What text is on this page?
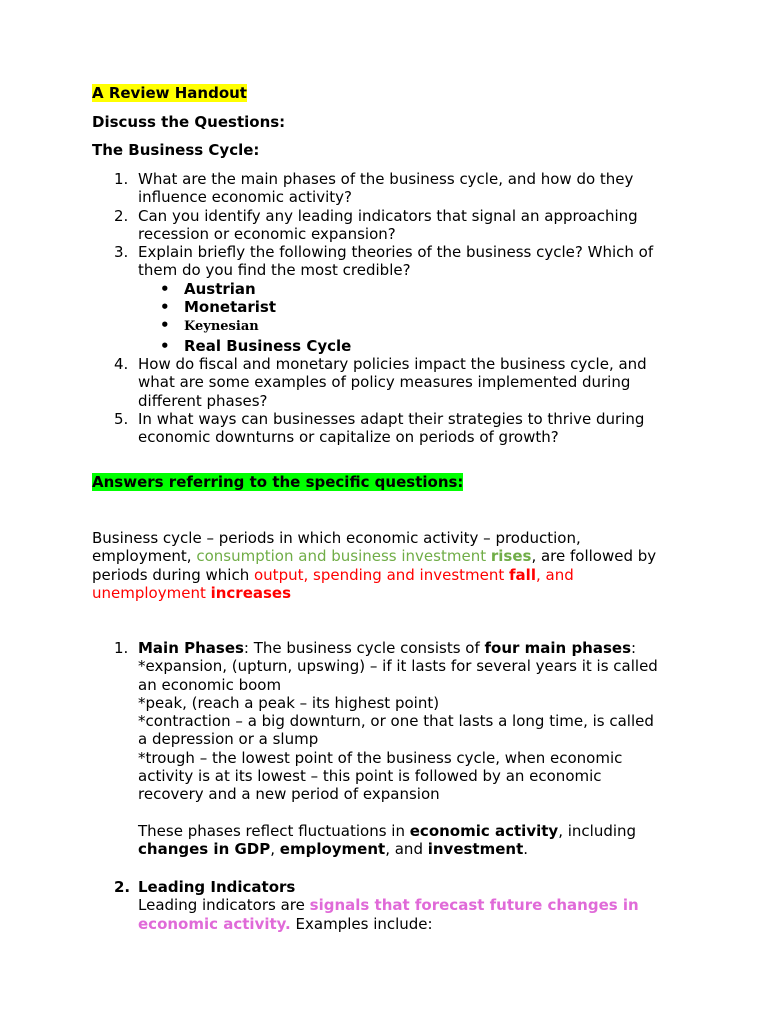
A Review Handout
Discuss the Questions:
The Business Cycle:
1. What are the main phases of the business cycle, and how do they
influence economic activity?
2. Can you identify any leading indicators that signal an approaching
recession or economic expansion?
3. Explain briefly the following theories of the business cycle? Which of
them do you find the most credible?
• Austrian
• Monetarist
• Keynesian
• Real Business Cycle
4. How do fiscal and monetary policies impact the business cycle, and
what are some examples of policy measures implemented during
different phases?
5. In what ways can businesses adapt their strategies to thrive during
economic downturns or capitalize on periods of growth?
Answers referring to the specific questions:
Business cycle – periods in which economic activity – production,
employment, consumption and business investment rises, are followed by
periods during which output, spending and investment fall, and
unemployment increases
1. Main Phases: The business cycle consists of four main phases:
*expansion, (upturn, upswing) – if it lasts for several years it is called
an economic boom
*peak, (reach a peak – its highest point)
*contraction – a big downturn, or one that lasts a long time, is called
a depression or a slump
*trough – the lowest point of the business cycle, when economic
activity is at its lowest – this point is followed by an economic
recovery and a new period of expansion
These phases reflect fluctuations in economic activity, including
changes in GDP, employment, and investment.
2. Leading Indicators
Leading indicators are signals that forecast future changes in
economic activity. Examples include:
